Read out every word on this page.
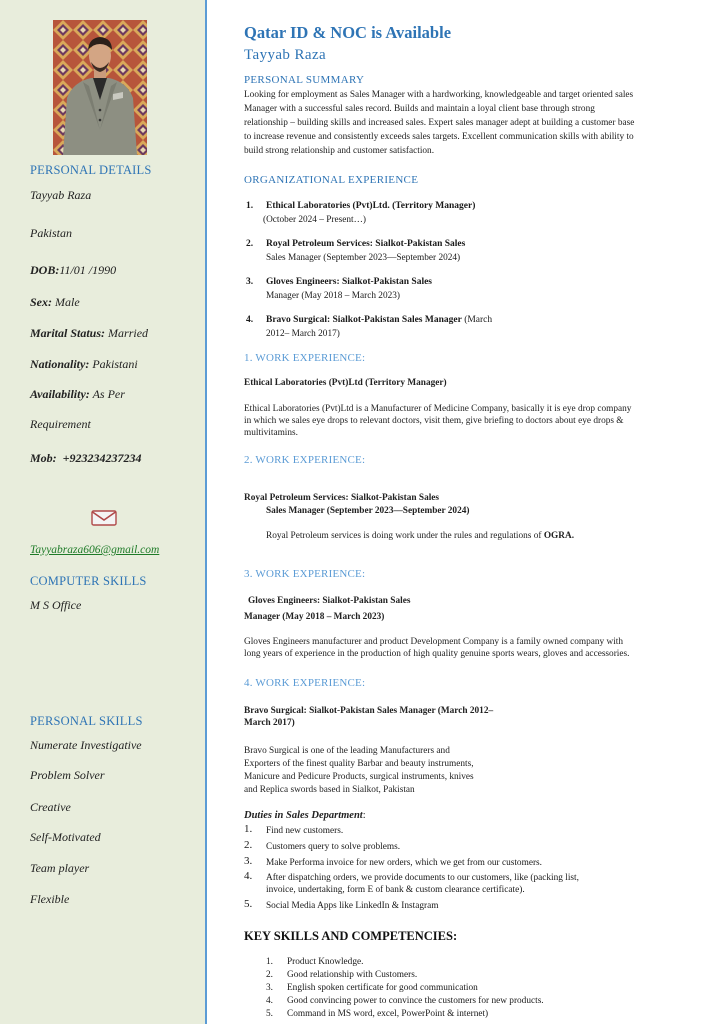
PERSONAL DETAILS
Tayyab Raza
Pakistan
DOB:11/01 /1990
Sex: Male
Marital Status: Married
Nationality: Pakistani
Availability: As Per
Requirement
Mob: +923234237234
Tayyabraza606@gmail.com
COMPUTER SKILLS
M S Office
PERSONAL SKILLS
Numerate Investigative
Problem Solver
Creative
Self-Motivated
Team player
Flexible
Qatar ID & NOC is Available
Tayyab Raza
PERSONAL SUMMARY
Looking for employment as Sales Manager with a hardworking, knowledgeable and target oriented sales
Manager with a successful sales record. Builds and maintain a loyal client base through strong
relationship – building skills and increased sales. Expert sales manager adept at building a customer base
to increase revenue and consistently exceeds sales targets. Excellent communication skills with ability to
build strong relationship and customer satisfaction.
ORGANIZATIONAL EXPERIENCE
1. Ethical Laboratories (Pvt)Ltd. (Territory Manager)
(October 2024 – Present…)
2. Royal Petroleum Services: Sialkot-Pakistan Sales
Sales Manager (September 2023—September 2024)
3. Gloves Engineers: Sialkot-Pakistan Sales
Manager (May 2018 – March 2023)
4. Bravo Surgical: Sialkot-Pakistan Sales Manager (March
2012– March 2017)
1. WORK EXPERIENCE:
Ethical Laboratories (Pvt)Ltd (Territory Manager)
Ethical Laboratories (Pvt)Ltd is a Manufacturer of Medicine Company, basically it is eye drop company
in which we sales eye drops to relevant doctors, visit them, give briefing to doctors about eye drops &
multivitamins.
2. WORK EXPERIENCE:
Royal Petroleum Services: Sialkot-Pakistan Sales
Sales Manager (September 2023—September 2024)
Royal Petroleum services is doing work under the rules and regulations of OGRA.
3. WORK EXPERIENCE:
Gloves Engineers: Sialkot-Pakistan Sales
Manager (May 2018 – March 2023)
Gloves Engineers manufacturer and product Development Company is a family owned company with
long years of experience in the production of high quality genuine sports wears, gloves and accessories.
4. WORK EXPERIENCE:
Bravo Surgical: Sialkot-Pakistan Sales Manager (March 2012–
March 2017)
Bravo Surgical is one of the leading Manufacturers and
Exporters of the finest quality Barbar and beauty instruments,
Manicure and Pedicure Products, surgical instruments, knives
and Replica swords based in Sialkot, Pakistan
Duties in Sales Department:
1. Find new customers.
2. Customers query to solve problems.
3. Make Performa invoice for new orders, which we get from our customers.
4. After dispatching orders, we provide documents to our customers, like (packing list,
invoice, undertaking, form E of bank & custom clearance certificate).
5. Social Media Apps like LinkedIn & Instagram
KEY SKILLS AND COMPETENCIES:
1. Product Knowledge.
2. Good relationship with Customers.
3. English spoken certificate for good communication
4. Good convincing power to convince the customers for new products.
5. Command in MS word, excel, PowerPoint & internet)
